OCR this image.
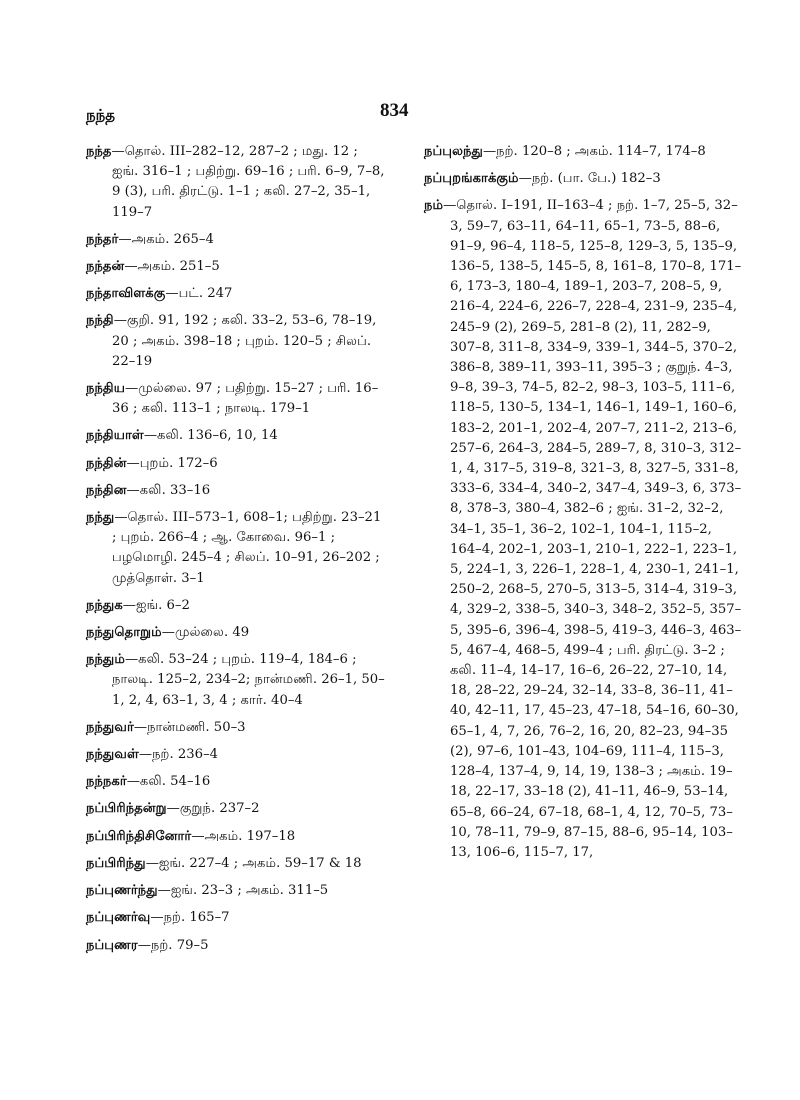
நந்த	834
நந்த—தொல். III–282–12, 287–2 ; மது. 12 ; ஐங். 316–1 ; பதிற்று. 69–16 ; பரி. 6–9, 7–8, 9 (3), பரி. திரட்டு. 1–1 ; கலி. 27–2, 35–1, 119–7
நந்தர்—அகம். 265–4
நந்தன்—அகம். 251–5
நந்தாவிளக்கு—பட். 247
நந்தி—குறி. 91, 192 ; கலி. 33–2, 53–6, 78–19, 20 ; அகம். 398–18 ; புறம். 120–5 ; சிலப். 22–19
நந்திய—முல்லை. 97 ; பதிற்று. 15–27 ; பரி. 16–36 ; கலி. 113–1 ; நாலடி. 179–1
நந்தியாள்—கலி. 136–6, 10, 14
நந்தின்—புறம். 172–6
நந்தின—கலி. 33–16
நந்து—தொல். III–573–1, 608–1; பதிற்று. 23–21 ; புறம். 266–4 ; ஆ. கோவை. 96–1 ; பழமொழி. 245–4 ; சிலப். 10–91, 26–202 ; முத்தொள். 3–1
நந்துக—ஐங். 6–2
நந்துதொறும்—முல்லை. 49
நந்தும்—கலி. 53–24 ; புறம். 119–4, 184–6 ; நாலடி. 125–2, 234–2; நான்மணி. 26–1, 50–1, 2, 4, 63–1, 3, 4 ; கார். 40–4
நந்துவர்—நான்மணி. 50–3
நந்துவள்—நற். 236–4
நந்நகர்—கலி. 54–16
நப்பிரிந்தன்று—குறுந். 237–2
நப்பிரிந்திசினோர்—அகம். 197–18
நப்பிரிந்து—ஐங். 227–4 ; அகம். 59–17 & 18
நப்புணர்ந்து—ஐங். 23–3 ; அகம். 311–5
நப்புணர்வு—நற். 165–7
நப்புணர—நற். 79–5
நப்புலந்து—நற். 120–8 ; அகம். 114–7, 174–8
நப்புறங்காக்கும்—நற். (பா. பே.) 182–3
நம்—தொல். I–191, II–163–4 ; நற். 1–7, 25–5, 32–3, 59–7, 63–11, 64–11, 65–1, 73–5, 88–6, 91–9, 96–4, 118–5, 125–8, 129–3, 5, 135–9, 136–5, 138–5, 145–5, 8, 161–8, 170–8, 171–6, 173–3, 180–4, 189–1, 203–7, 208–5, 9, 216–4, 224–6, 226–7, 228–4, 231–9, 235–4, 245–9 (2), 269–5, 281–8 (2), 11, 282–9, 307–8, 311–8, 334–9, 339–1, 344–5, 370–2, 386–8, 389–11, 393–11, 395–3 ; குறுந். 4–3, 9–8, 39–3, 74–5, 82–2, 98–3, 103–5, 111–6, 118–5, 130–5, 134–1, 146–1, 149–1, 160–6, 183–2, 201–1, 202–4, 207–7, 211–2, 213–6, 257–6, 264–3, 284–5, 289–7, 8, 310–3, 312–1, 4, 317–5, 319–8, 321–3, 8, 327–5, 331–8, 333–6, 334–4, 340–2, 347–4, 349–3, 6, 373–8, 378–3, 380–4, 382–6 ; ஐங். 31–2, 32–2, 34–1, 35–1, 36–2, 102–1, 104–1, 115–2, 164–4, 202–1, 203–1, 210–1, 222–1, 223–1, 5, 224–1, 3, 226–1, 228–1, 4, 230–1, 241–1, 250–2, 268–5, 270–5, 313–5, 314–4, 319–3, 4, 329–2, 338–5, 340–3, 348–2, 352–5, 357–5, 395–6, 396–4, 398–5, 419–3, 446–3, 463–5, 467–4, 468–5, 499–4 ; பரி. திரட்டு. 3–2 ; கலி. 11–4, 14–17, 16–6, 26–22, 27–10, 14, 18, 28–22, 29–24, 32–14, 33–8, 36–11, 41–40, 42–11, 17, 45–23, 47–18, 54–16, 60–30, 65–1, 4, 7, 26, 76–2, 16, 20, 82–23, 94–35 (2), 97–6, 101–43, 104–69, 111–4, 115–3, 128–4, 137–4, 9, 14, 19, 138–3 ; அகம். 19–18, 22–17, 33–18 (2), 41–11, 46–9, 53–14, 65–8, 66–24, 67–18, 68–1, 4, 12, 70–5, 73–10, 78–11, 79–9, 87–15, 88–6, 95–14, 103–13, 106–6, 115–7, 17,
